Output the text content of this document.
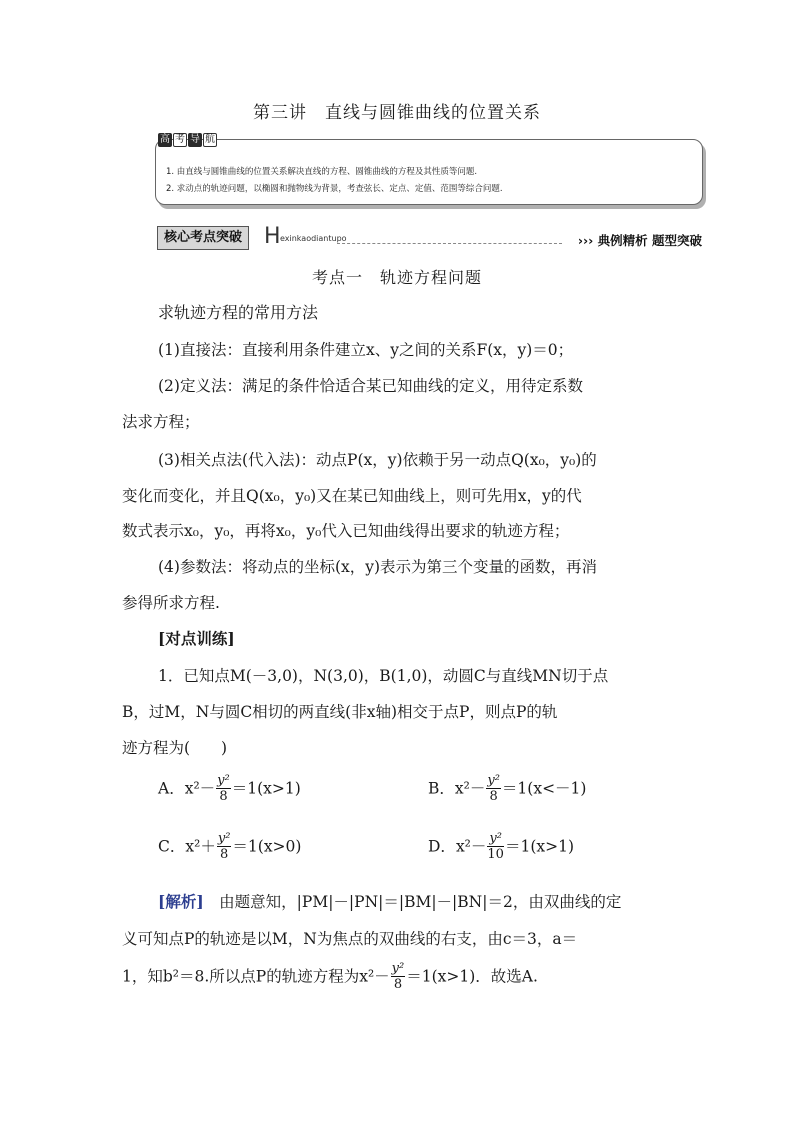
第三讲　直线与圆锥曲线的位置关系
高 考 导 航
1. 由直线与圆锥曲线的位置关系解决直线的方程、圆锥曲线的方程及其性质等问题.
2. 求动点的轨迹问题，以椭圆和抛物线为背景，考查弦长、定点、定值、范围等综合问题.
核心考点突破 H exinkaodiantupo	››› 典例精析 题型突破
考点一　轨迹方程问题
求轨迹方程的常用方法
(1)直接法：直接利用条件建立x、y之间的关系F(x，y)＝0；
(2)定义法：满足的条件恰适合某已知曲线的定义，用待定系数
法求方程；
(3)相关点法(代入法)：动点P(x，y)依赖于另一动点Q(x₀，y₀)的
变化而变化，并且Q(x₀，y₀)又在某已知曲线上，则可先用x，y的代
数式表示x₀，y₀，再将x₀，y₀代入已知曲线得出要求的轨迹方程；
(4)参数法：将动点的坐标(x，y)表示为第三个变量的函数，再消
参得所求方程.
[对点训练]
1．已知点M(－3,0)，N(3,0)，B(1,0)，动圆C与直线MN切于点
B，过M，N与圆C相切的两直线(非x轴)相交于点P，则点P的轨
迹方程为(　　)
A．$x^2- \frac{\text{y²}}{8} =1(x>1)$	B．$x^2- \frac{\text{y²}}{8} =1(x<-1)$
C．$x^2+ \frac{\text{y²}}{8} =1(x>0)$	D．$x^2- \frac{\text{y²}}{10} =1(x>1)$
[解析]　由题意知，|PM|－|PN|＝|BM|－|BN|＝2，由双曲线的定
义可知点P的轨迹是以M，N为焦点的双曲线的右支，由c＝3，a＝
1，知b²＝8.所以点P的轨迹方程为$x^2- \frac{\text{y²}}{8} =1(x>1)$．故选A.
